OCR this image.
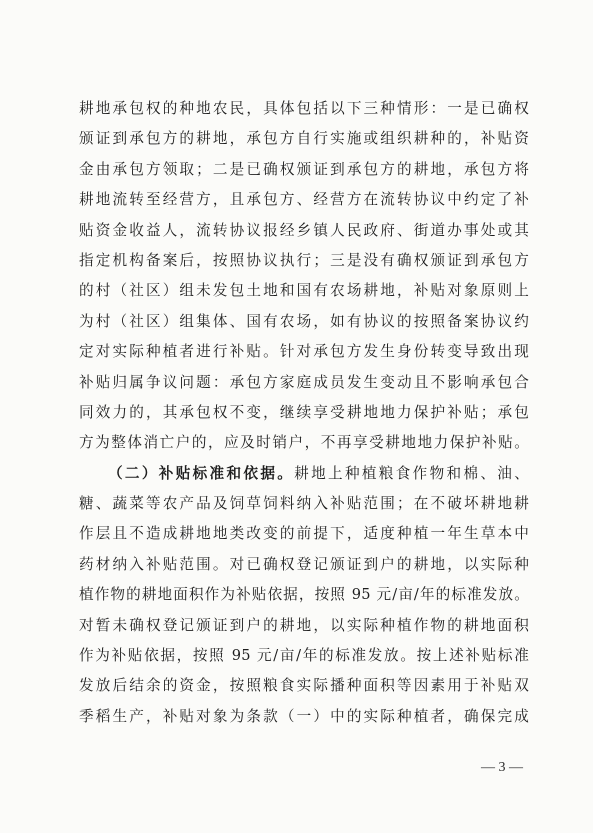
耕地承包权的种地农民，具体包括以下三种情形：一是已确权
颁证到承包方的耕地，承包方自行实施或组织耕种的，补贴资
金由承包方领取；二是已确权颁证到承包方的耕地，承包方将
耕地流转至经营方，且承包方、经营方在流转协议中约定了补
贴资金收益人，流转协议报经乡镇人民政府、街道办事处或其
指定机构备案后，按照协议执行；三是没有确权颁证到承包方
的村（社区）组未发包土地和国有农场耕地，补贴对象原则上
为村（社区）组集体、国有农场，如有协议的按照备案协议约
定对实际种植者进行补贴。针对承包方发生身份转变导致出现
补贴归属争议问题：承包方家庭成员发生变动且不影响承包合
同效力的，其承包权不变，继续享受耕地地力保护补贴；承包
方为整体消亡户的，应及时销户，不再享受耕地地力保护补贴。
（二）补贴标准和依据。耕地上种植粮食作物和棉、油、
糖、蔬菜等农产品及饲草饲料纳入补贴范围；在不破坏耕地耕
作层且不造成耕地地类改变的前提下，适度种植一年生草本中
药材纳入补贴范围。对已确权登记颁证到户的耕地，以实际种
植作物的耕地面积作为补贴依据，按照 95 元/亩/年的标准发放。
对暂未确权登记颁证到户的耕地，以实际种植作物的耕地面积
作为补贴依据，按照 95 元/亩/年的标准发放。按上述补贴标准
发放后结余的资金，按照粮食实际播种面积等因素用于补贴双
季稻生产，补贴对象为条款（一）中的实际种植者，确保完成
— 3 —
